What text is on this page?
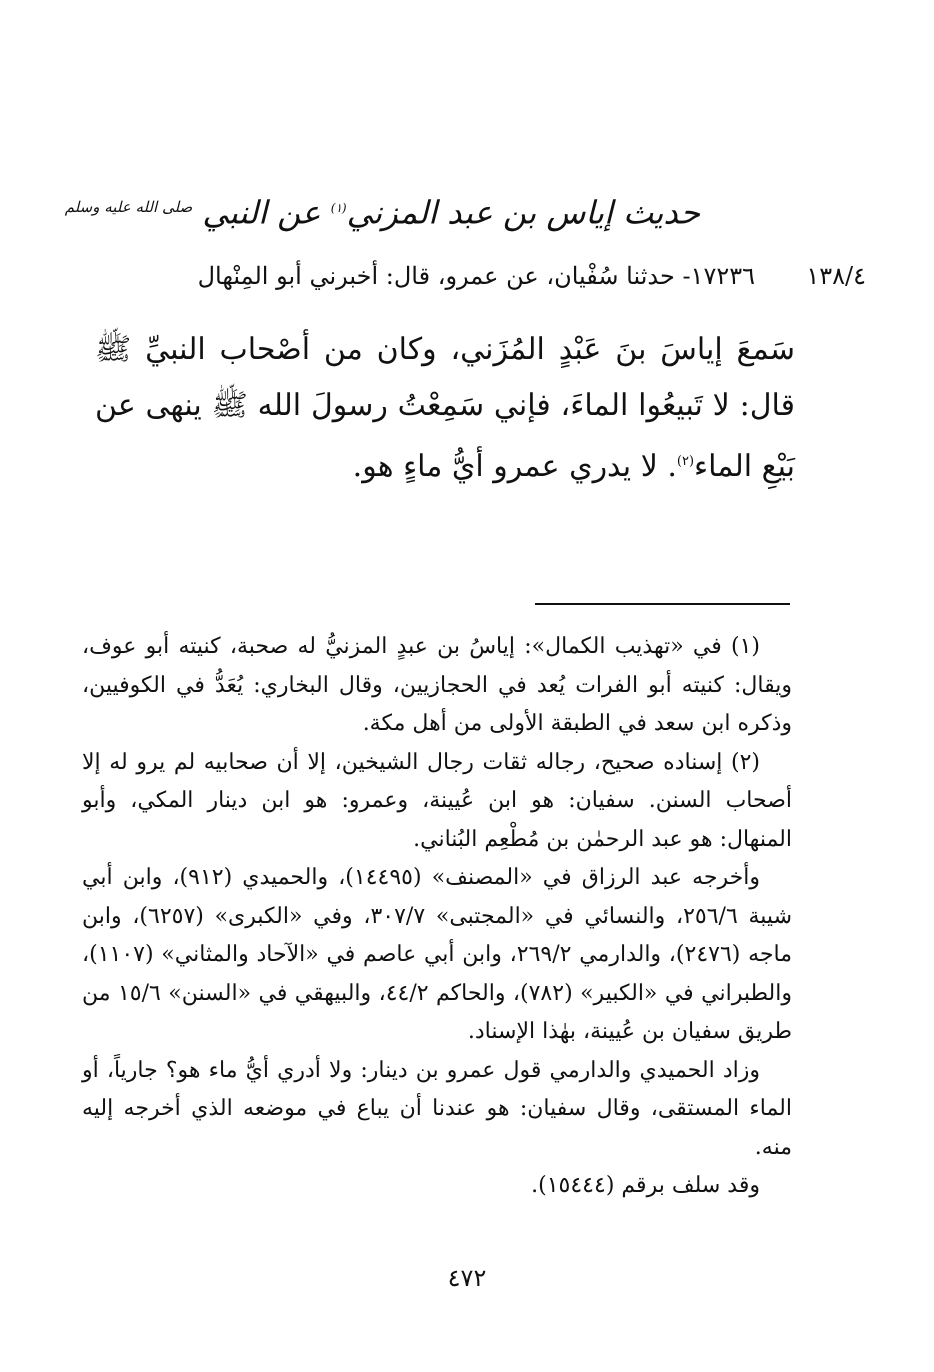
حديث إياس بن عبد المزني$^{(١)}$ عن النبي $^{صلى الله عليه وسلم}$
١٣٨/٤
١٧٢٣٦- حدثنا سُفْيان، عن عمرو، قال: أخبرني أبو المِنْهال
سَمعَ إياسَ بنَ عَبْدٍ المُزَني، وكان من أصْحاب النبيِّ ﷺ قال: لا تَبيعُوا الماءَ، فإني سَمِعْتُ رسولَ الله ﷺ ينهى عن بَيْعِ الماء$^{(٢)}$. لا يدري عمرو أيُّ ماءٍ هو.

(١) في «تهذيب الكمال»: إياسُ بن عبدٍ المزنيُّ له صحبة، كنيته أبو عوف، ويقال: كنيته أبو الفرات يُعد في الحجازيين، وقال البخاري: يُعَدُّ في الكوفيين، وذكره ابن سعد في الطبقة الأولى من أهل مكة.

(٢) إسناده صحيح، رجاله ثقات رجال الشيخين، إلا أن صحابيه لم يرو له إلا أصحاب السنن. سفيان: هو ابن عُيينة، وعمرو: هو ابن دينار المكي، وأبو المنهال: هو عبد الرحمٰن بن مُطْعِم البُناني.

وأخرجه عبد الرزاق في «المصنف» (١٤٤٩٥)، والحميدي (٩١٢)، وابن أبي شيبة ٢٥٦/٦، والنسائي في «المجتبى» ٣٠٧/٧، وفي «الكبرى» (٦٢٥٧)، وابن ماجه (٢٤٧٦)، والدارمي ٢٦٩/٢، وابن أبي عاصم في «الآحاد والمثاني» (١١٠٧)، والطبراني في «الكبير» (٧٨٢)، والحاكم ٤٤/٢، والبيهقي في «السنن» ١٥/٦ من طريق سفيان بن عُيينة، بهٰذا الإسناد.

وزاد الحميدي والدارمي قول عمرو بن دينار: ولا أدري أيُّ ماء هو؟ جارياً، أو الماء المستقى، وقال سفيان: هو عندنا أن يباع في موضعه الذي أخرجه إليه منه.

وقد سلف برقم (١٥٤٤٤).

٤٧٢
